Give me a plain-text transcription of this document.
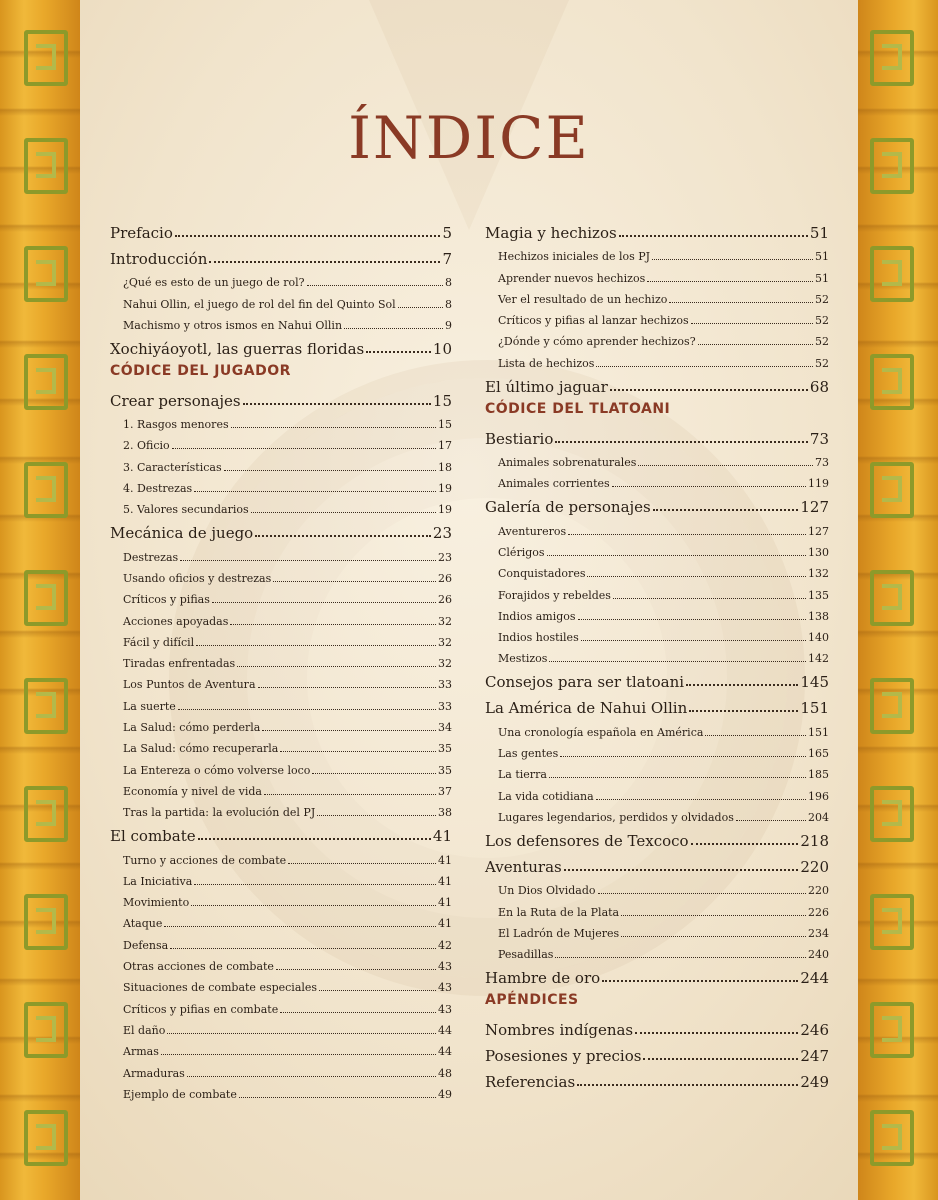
ÍNDICE
Prefacio	5
Introducción	7
¿Qué es esto de un juego de rol?	8
Nahui Ollin, el juego de rol del fin del Quinto Sol	8
Machismo y otros ismos en Nahui Ollin	9
Xochiyáoyotl, las guerras floridas	10
CÓDICE DEL JUGADOR
Crear personajes	15
1. Rasgos menores	15
2. Oficio	17
3. Características	18
4. Destrezas	19
5. Valores secundarios	19
Mecánica de juego	23
Destrezas	23
Usando oficios y destrezas	26
Críticos y pifias	26
Acciones apoyadas	32
Fácil y difícil	32
Tiradas enfrentadas	32
Los Puntos de Aventura	33
La suerte	33
La Salud: cómo perderla	34
La Salud: cómo recuperarla	35
La Entereza o cómo volverse loco	35
Economía y nivel de vida	37
Tras la partida: la evolución del PJ	38
El combate	41
Turno y acciones de combate	41
La Iniciativa	41
Movimiento	41
Ataque	41
Defensa	42
Otras acciones de combate	43
Situaciones de combate especiales	43
Críticos y pifias en combate	43
El daño	44
Armas	44
Armaduras	48
Ejemplo de combate	49
Magia y hechizos	51
Hechizos iniciales de los PJ	51
Aprender nuevos hechizos	51
Ver el resultado de un hechizo	52
Críticos y pifias al lanzar hechizos	52
¿Dónde y cómo aprender hechizos?	52
Lista de hechizos	52
El último jaguar	68
CÓDICE DEL TLATOANI
Bestiario	73
Animales sobrenaturales	73
Animales corrientes	119
Galería de personajes	127
Aventureros	127
Clérigos	130
Conquistadores	132
Forajidos y rebeldes	135
Indios amigos	138
Indios hostiles	140
Mestizos	142
Consejos para ser tlatoani	145
La América de Nahui Ollin	151
Una cronología española en América	151
Las gentes	165
La tierra	185
La vida cotidiana	196
Lugares legendarios, perdidos y olvidados	204
Los defensores de Texcoco	218
Aventuras	220
Un Dios Olvidado	220
En la Ruta de la Plata	226
El Ladrón de Mujeres	234
Pesadillas	240
Hambre de oro	244
APÉNDICES
Nombres indígenas	246
Posesiones y precios	247
Referencias	249
